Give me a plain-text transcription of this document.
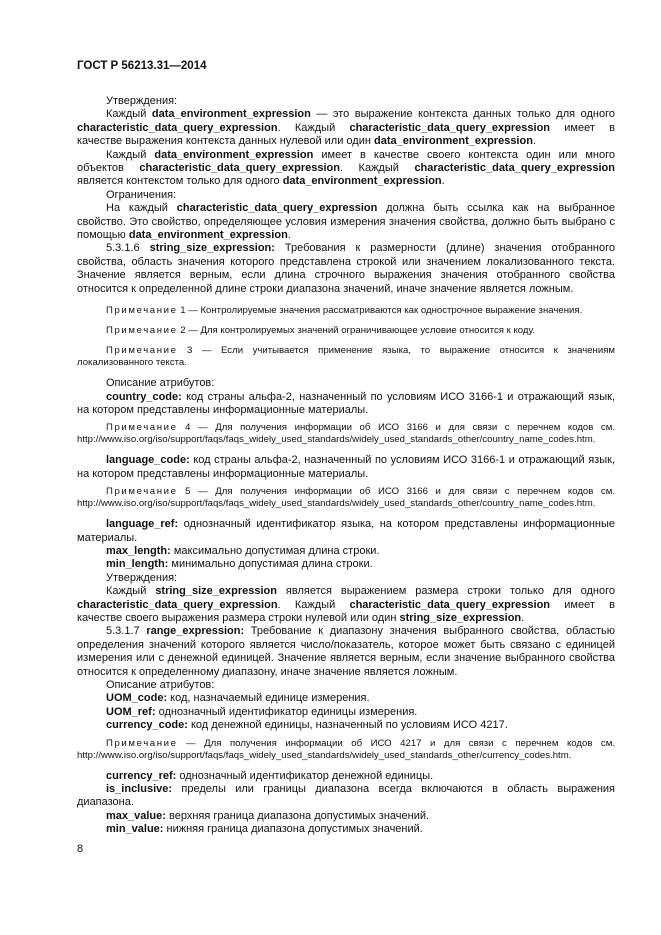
ГОСТ Р 56213.31—2014

Утверждения:

Каждый data_environment_expression — это выражение контекста данных только для одного characteristic_data_query_expression. Каждый characteristic_data_query_expression имеет в качестве выражения контекста данных нулевой или один data_environment_expression.

Каждый data_environment_expression имеет в качестве своего контекста один или много объектов characteristic_data_query_expression. Каждый characteristic_data_query_expression является контекстом только для одного data_environment_expression.

Ограничения:

На каждый characteristic_data_query_expression должна быть ссылка как на выбранное свойство. Это свойство, определяющее условия измерения значения свойства, должно быть выбрано с помощью data_environment_expression.

5.3.1.6 string_size_expression: Требования к размерности (длине) значения отобранного свойства, область значения которого представлена строкой или значением локализованного текста. Значение является верным, если длина строчного выражения значения отобранного свойства относится к определенной длине строки диапазона значений, иначе значение является ложным.

Примечание 1 — Контролируемые значения рассматриваются как однострочное выражение значения.

Примечание 2 — Для контролируемых значений ограничивающее условие относится к коду.

Примечание 3 — Если учитывается применение языка, то выражение относится к значениям локализованного текста.

Описание атрибутов:

country_code: код страны альфа-2, назначенный по условиям ИСО 3166-1 и отражающий язык, на котором представлены информационные материалы.

Примечание 4 — Для получения информации об ИСО 3166 и для связи с перечнем кодов см. http://www.iso.org/iso/support/faqs/faqs_widely_used_standards/widely_used_standards_other/country_name_codes.htm.

language_code: код страны альфа-2, назначенный по условиям ИСО 3166-1 и отражающий язык, на котором представлены информационные материалы.

Примечание 5 — Для получения информации об ИСО 3166 и для связи с перечнем кодов см. http://www.iso.org/iso/support/faqs/faqs_widely_used_standards/widely_used_standards_other/country_name_codes.htm.

language_ref: однозначный идентификатор языка, на котором представлены информационные материалы.

max_length: максимально допустимая длина строки.

min_length: минимально допустимая длина строки.

Утверждения:

Каждый string_size_expression является выражением размера строки только для одного characteristic_data_query_expression. Каждый characteristic_data_query_expression имеет в качестве своего выражения размера строки нулевой или один string_size_expression.

5.3.1.7 range_expression: Требование к диапазону значения выбранного свойства, областью определения значений которого является число/показатель, которое может быть связано с единицей измерения или с денежной единицей. Значение является верным, если значение выбранного свойства относится к определенному диапазону, иначе значение является ложным.

Описание атрибутов:

UOM_code: код, назначаемый единице измерения.

UOM_ref: однозначный идентификатор единицы измерения.

currency_code: код денежной единицы, назначенный по условиям ИСО 4217.

Примечание — Для получения информации об ИСО 4217 и для связи с перечнем кодов см. http://www.iso.org/iso/support/faqs/faqs_widely_used_standards/widely_used_standards_other/currency_codes.htm.

currency_ref: однозначный идентификатор денежной единицы.

is_inclusive: пределы или границы диапазона всегда включаются в область выражения диапазона.

max_value: верхняя граница диапазона допустимых значений.

min_value: нижняя граница диапазона допустимых значений.

8
